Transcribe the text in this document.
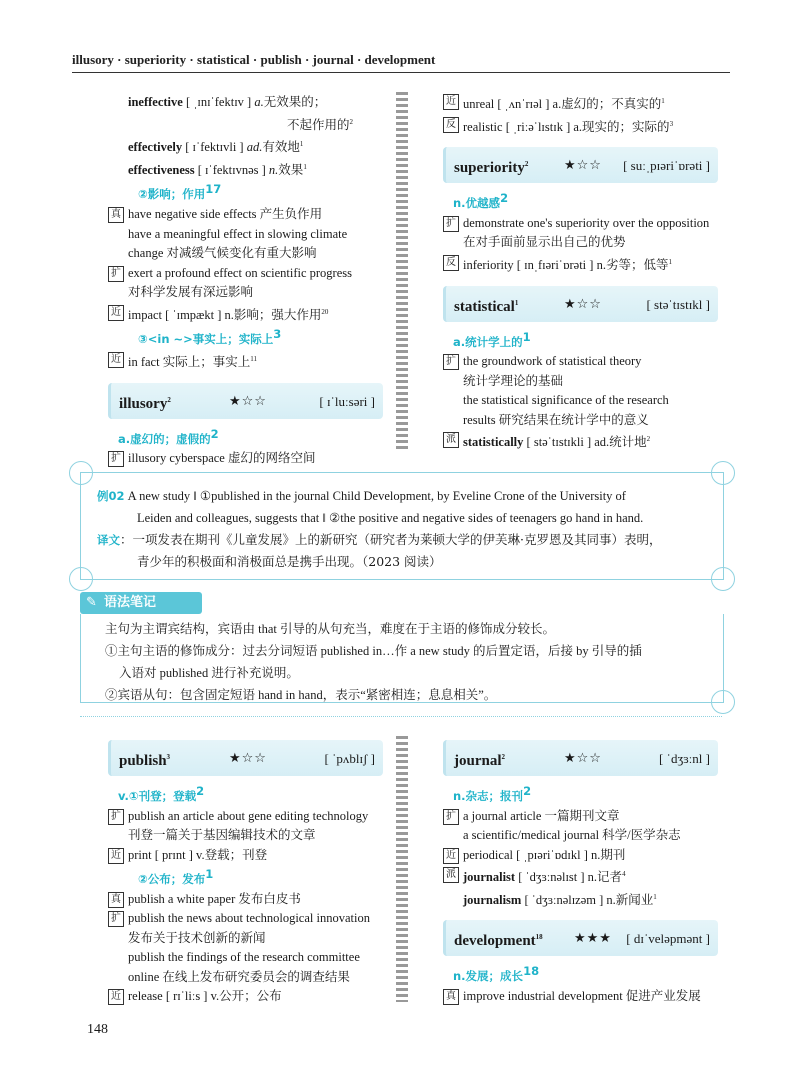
illusory · superiority · statistical · publish · journal · development
ineffective [ ˌɪnɪˈfektɪv ] a.无效果的；
不起作用的$^2$
effectively [ ɪˈfektɪvli ] ad.有效地$^1$
effectiveness [ ɪˈfektɪvnəs ] n.效果$^1$
②影响；作用$^{17}$
真 have negative side effects 产生负作用
have a meaningful effect in slowing climate
change 对减缓气候变化有重大影响
扩 exert a profound effect on scientific progress
对科学发展有深远影响
近 impact [ ˈɪmpækt ] n.影响；强大作用$^{20}$
③<in ~>事实上；实际上$^3$
近 in fact 实际上；事实上$^{11}$
illusory$^2$	★☆☆	[ ɪˈluːsəri ]
a.虚幻的；虚假的$^2$
扩 illusory cyberspace 虚幻的网络空间
近 unreal [ ˌʌnˈrɪəl ] a.虚幻的；不真实的$^1$
反 realistic [ ˌriːəˈlɪstɪk ] a.现实的；实际的$^3$
superiority$^2$	★☆☆ [ suːˌpɪəriˈɒrəti ]
n.优越感$^2$
扩 demonstrate one's superiority over the opposition
在对手面前显示出自己的优势
反 inferiority [ ɪnˌfɪəriˈɒrəti ] n.劣等；低等$^1$
statistical$^1$	★☆☆	[ stəˈtɪstɪkl ]
a.统计学上的$^1$
扩 the groundwork of statistical theory
统计学理论的基础
the statistical significance of the research
results 研究结果在统计学中的意义
派 statistically [ stəˈtɪstɪkli ] ad.统计地$^2$
例02 A new study ‖ ①published in the journal Child Development, by Eveline Crone of the University of
Leiden and colleagues, suggests that ‖ ②the positive and negative sides of teenagers go hand in hand.
译文：一项发表在期刊《儿童发展》上的新研究（研究者为莱顿大学的伊芙琳·克罗恩及其同事）表明，
青少年的积极面和消极面总是携手出现。（2023 阅读）
✎ 语法笔记
主句为主谓宾结构，宾语由 that 引导的从句充当，难度在于主语的修饰成分较长。
①主句主语的修饰成分：过去分词短语 published in…作 a new study 的后置定语，后接 by 引导的插
入语对 published 进行补充说明。
②宾语从句：包含固定短语 hand in hand，表示“紧密相连；息息相关”。
publish$^3$	★☆☆	[ ˈpʌblɪʃ ]
v.①刊登；登载$^2$
扩 publish an article about gene editing technology
刊登一篇关于基因编辑技术的文章
近 print [ prɪnt ] v.登载；刊登
②公布；发布$^1$
真 publish a white paper 发布白皮书
扩 publish the news about technological innovation
发布关于技术创新的新闻
publish the findings of the research committee
online 在线上发布研究委员会的调查结果
近 release [ rɪˈliːs ] v.公开；公布
journal$^2$	★☆☆	[ ˈdʒɜːnl ]
n.杂志；报刊$^2$
扩 a journal article 一篇期刊文章
a scientific/medical journal 科学/医学杂志
近 periodical [ ˌpɪəriˈɒdɪkl ] n.期刊
派 journalist [ ˈdʒɜːnəlɪst ] n.记者$^4$
journalism [ ˈdʒɜːnəlɪzəm ] n.新闻业$^1$
development$^{18}$ ★★★ [ dɪˈveləpmənt ]
n.发展；成长$^{18}$
真 improve industrial development 促进产业发展
148
